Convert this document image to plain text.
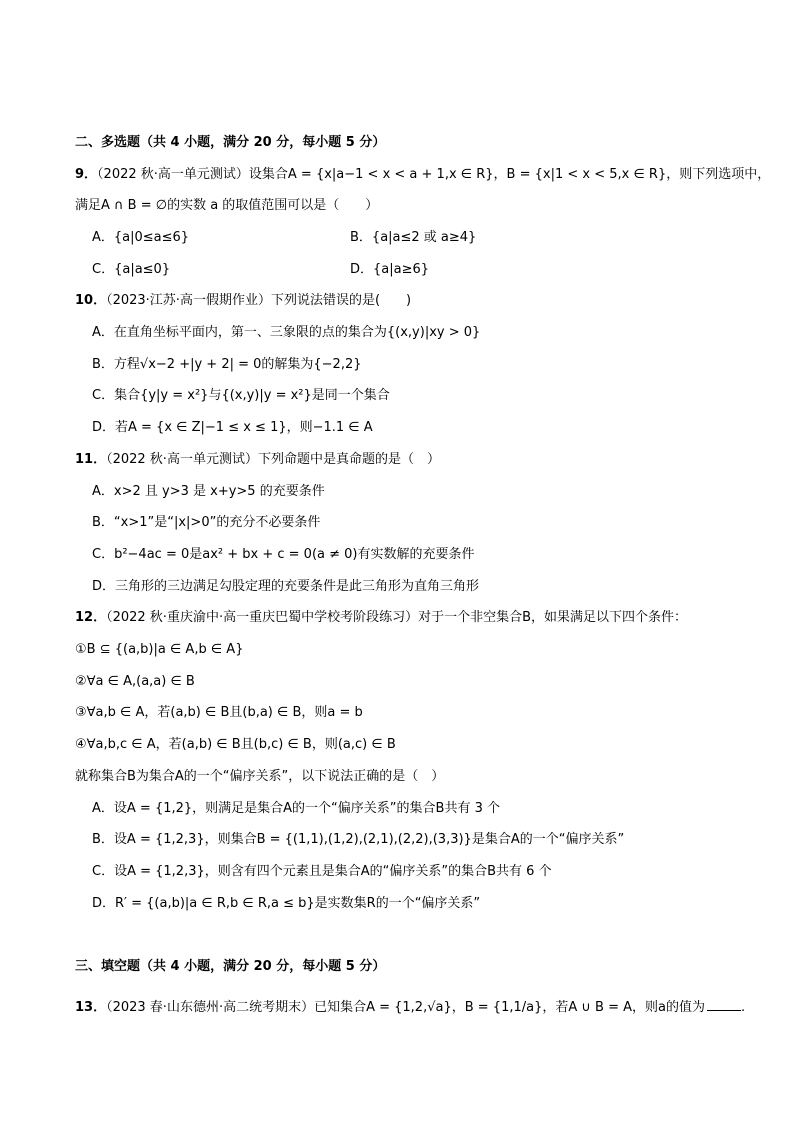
二、多选题（共 4 小题，满分 20 分，每小题 5 分）
9．（2022 秋·高一单元测试）设集合A = {x|a−1 < x < a + 1,x ∈ R}，B = {x|1 < x < 5,x ∈ R}，则下列选项中，
满足A ∩ B = ∅的实数 a 的取值范围可以是（　　）
A．{a|0≤a≤6}	B．{a|a≤2 或 a≥4}
C．{a|a≤0}	D．{a|a≥6}
10．（2023·江苏·高一假期作业）下列说法错误的是(　　)
A．在直角坐标平面内，第一、三象限的点的集合为{(x,y)|xy > 0}
B．方程√x−2 +|y + 2| = 0的解集为{−2,2}
C．集合{y|y = x²}与{(x,y)|y = x²}是同一个集合
D．若A = {x ∈ Z|−1 ≤ x ≤ 1}，则−1.1 ∈ A
11．（2022 秋·高一单元测试）下列命题中是真命题的是（　）
A．x>2 且 y>3 是 x+y>5 的充要条件
B．“x>1”是“|x|>0”的充分不必要条件
C．b²−4ac = 0是ax² + bx + c = 0(a ≠ 0)有实数解的充要条件
D．三角形的三边满足勾股定理的充要条件是此三角形为直角三角形
12．（2022 秋·重庆渝中·高一重庆巴蜀中学校考阶段练习）对于一个非空集合B，如果满足以下四个条件：
①B ⊆ {(a,b)|a ∈ A,b ∈ A}
②∀a ∈ A,(a,a) ∈ B
③∀a,b ∈ A，若(a,b) ∈ B且(b,a) ∈ B，则a = b
④∀a,b,c ∈ A，若(a,b) ∈ B且(b,c) ∈ B，则(a,c) ∈ B
就称集合B为集合A的一个“偏序关系”，以下说法正确的是（　）
A．设A = {1,2}，则满足是集合A的一个“偏序关系”的集合B共有 3 个
B．设A = {1,2,3}，则集合B = {(1,1),(1,2),(2,1),(2,2),(3,3)}是集合A的一个“偏序关系”
C．设A = {1,2,3}，则含有四个元素且是集合A的“偏序关系”的集合B共有 6 个
D．R′ = {(a,b)|a ∈ R,b ∈ R,a ≤ b}是实数集R的一个“偏序关系”
三、填空题（共 4 小题，满分 20 分，每小题 5 分）
13．（2023 春·山东德州·高二统考期末）已知集合A = {1,2,√a}，B = {1,1/a}，若A ∪ B = A，则a的值为	.
